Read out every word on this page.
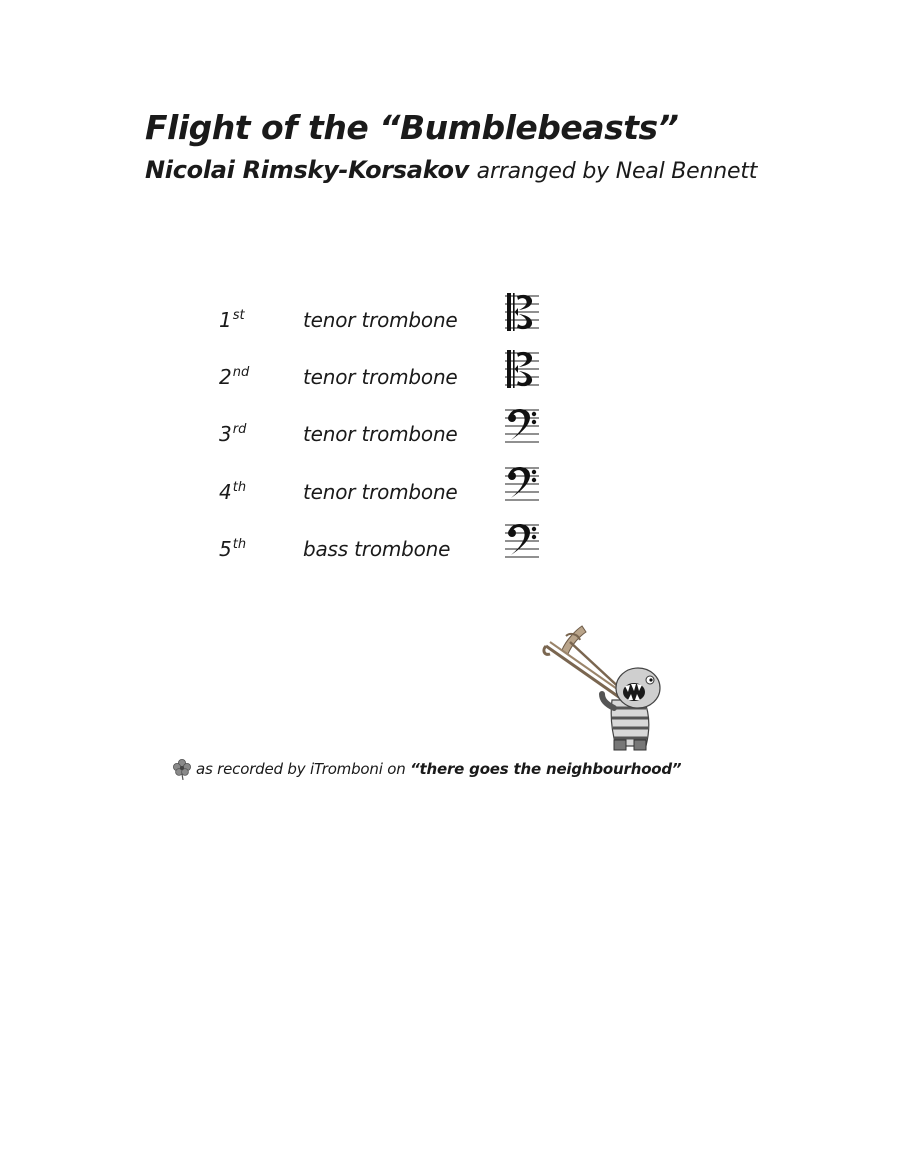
Flight of the “Bumblebeasts”

Nicolai Rimsky-Korsakov arranged by Neal Bennett

1st	tenor trombone
2nd	tenor trombone
3rd	tenor trombone
4th	tenor trombone
5th	bass trombone
as recorded by iTromboni on “there goes the neighbourhood”
